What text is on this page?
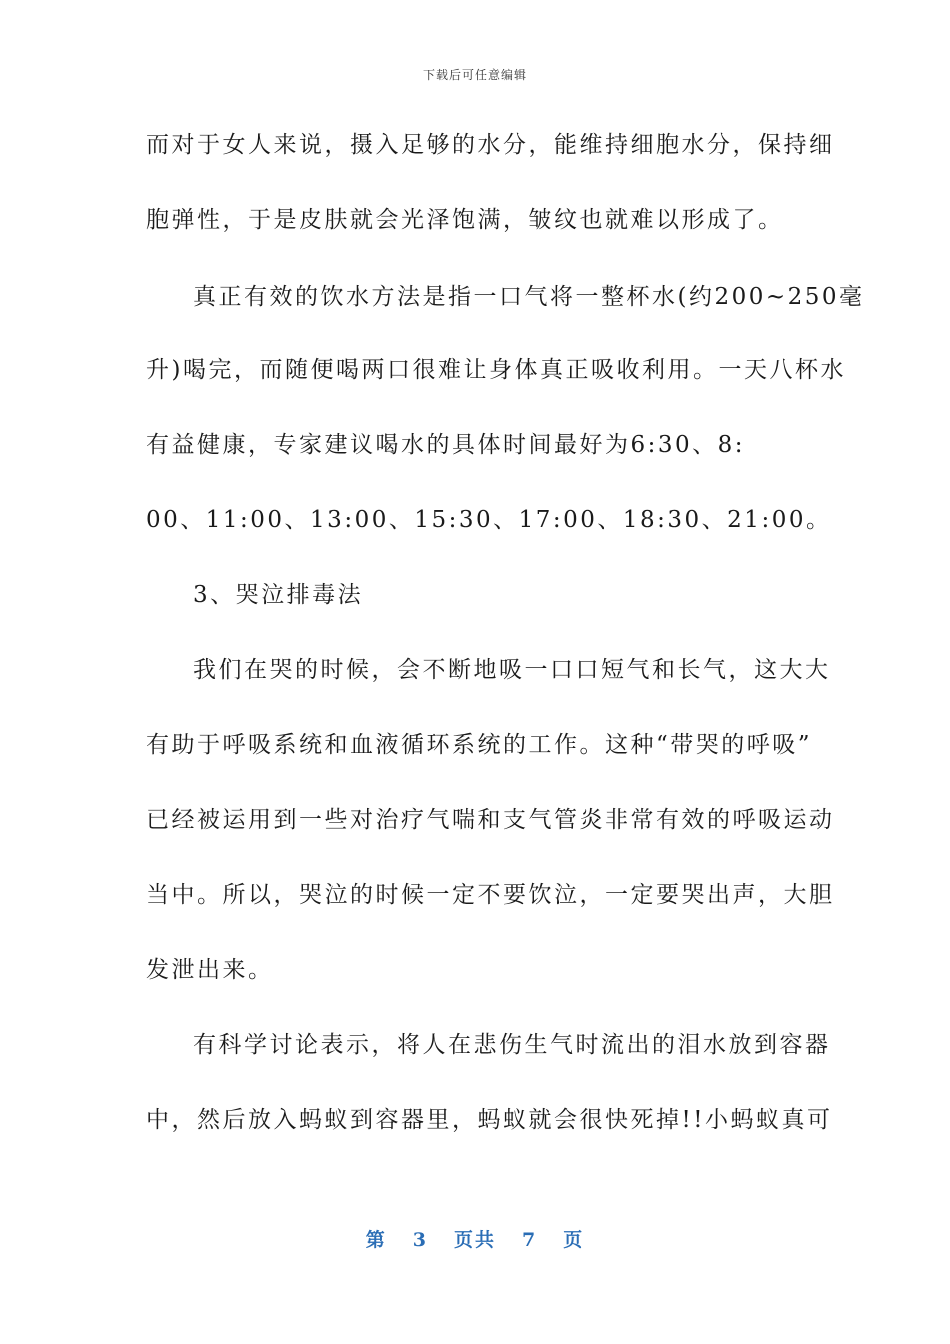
下载后可任意编辑
而对于女人来说，摄入足够的水分，能维持细胞水分，保持细
胞弹性，于是皮肤就会光泽饱满，皱纹也就难以形成了。
真正有效的饮水方法是指一口气将一整杯水(约200~250毫
升)喝完，而随便喝两口很难让身体真正吸收利用。一天八杯水
有益健康，专家建议喝水的具体时间最好为6:30、8:
00、11:00、13:00、15:30、17:00、18:30、21:00。
3、哭泣排毒法
我们在哭的时候，会不断地吸一口口短气和长气，这大大
有助于呼吸系统和血液循环系统的工作。这种“带哭的呼吸”
已经被运用到一些对治疗气喘和支气管炎非常有效的呼吸运动
当中。所以，哭泣的时候一定不要饮泣，一定要哭出声，大胆
发泄出来。
有科学讨论表示，将人在悲伤生气时流出的泪水放到容器
中，然后放入蚂蚁到容器里，蚂蚁就会很快死掉!!小蚂蚁真可
第 3 页共 7 页
